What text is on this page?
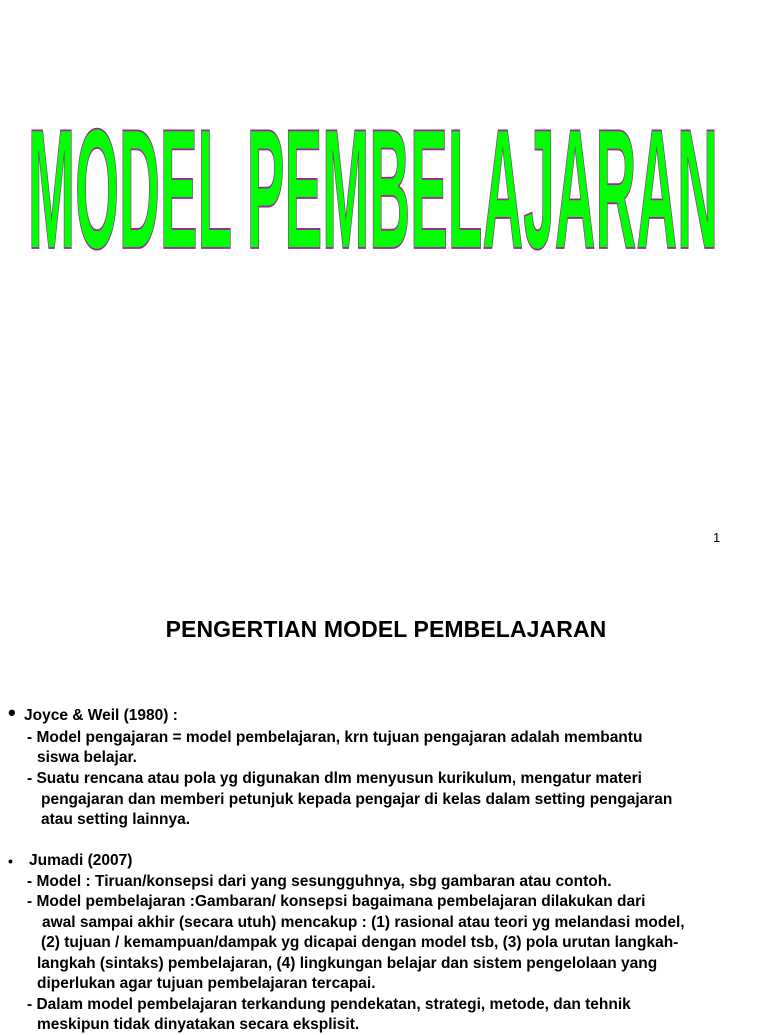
MODEL PEMBELAJARAN
1
PENGERTIAN MODEL PEMBELAJARAN
• Joyce & Weil (1980) :
- Model pengajaran = model pembelajaran, krn tujuan pengajaran adalah membantu
siswa belajar.
- Suatu rencana atau pola yg digunakan dlm menyusun kurikulum, mengatur materi
pengajaran dan memberi petunjuk kepada pengajar di kelas dalam setting pengajaran
atau setting lainnya.
• Jumadi (2007)
- Model : Tiruan/konsepsi dari yang sesungguhnya, sbg gambaran atau contoh.
- Model pembelajaran :Gambaran/ konsepsi bagaimana pembelajaran dilakukan dari
awal sampai akhir (secara utuh) mencakup : (1) rasional atau teori yg melandasi model,
(2) tujuan / kemampuan/dampak yg dicapai dengan model tsb, (3) pola urutan langkah-
langkah (sintaks) pembelajaran, (4) lingkungan belajar dan sistem pengelolaan yang
diperlukan agar tujuan pembelajaran tercapai.
- Dalam model pembelajaran terkandung pendekatan, strategi, metode, dan tehnik
meskipun tidak dinyatakan secara eksplisit.
